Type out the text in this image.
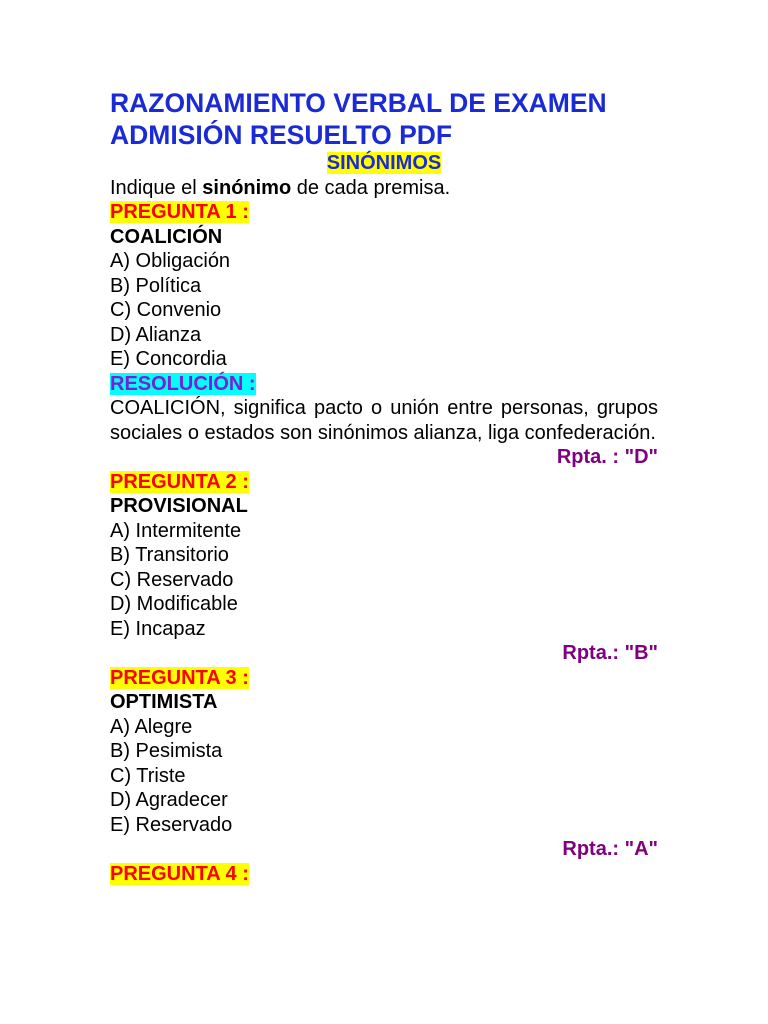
RAZONAMIENTO VERBAL DE EXAMEN
ADMISIÓN RESUELTO PDF
SINÓNIMOS
Indique el sinónimo de cada premisa.
PREGUNTA 1 :
COALICIÓN
A) Obligación
B) Política
C) Convenio
D) Alianza
E) Concordia
RESOLUCIÓN :

COALICIÓN, significa pacto o unión entre personas, grupos sociales o estados son sinónimos alianza, liga confederación.

Rpta. : "D"
PREGUNTA 2 :
PROVISIONAL
A) Intermitente
B) Transitorio
C) Reservado
D) Modificable
E) Incapaz
Rpta.: "B"
PREGUNTA 3 :
OPTIMISTA
A) Alegre
B) Pesimista
C) Triste
D) Agradecer
E) Reservado
Rpta.: "A"
PREGUNTA 4 :
